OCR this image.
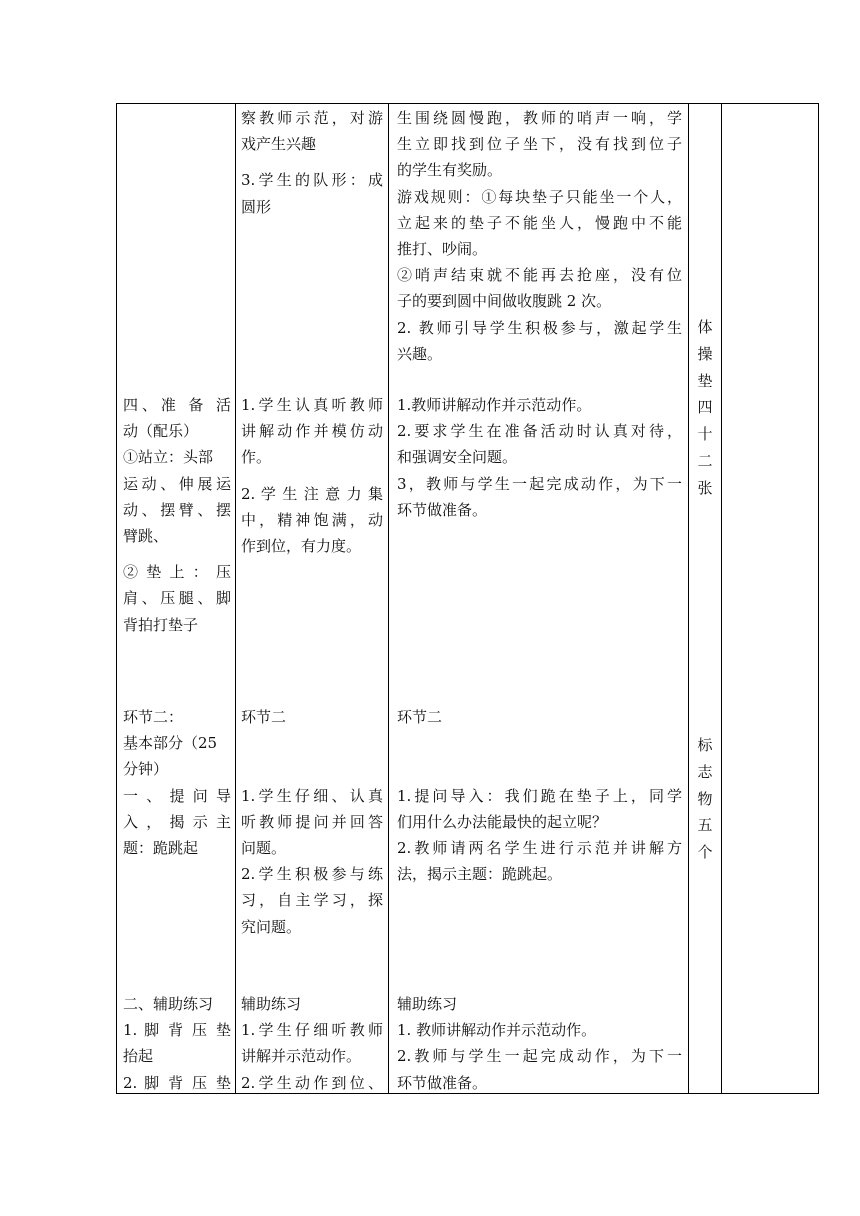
四、准 备 活

动（配乐）

①站立：头部

运动、伸展运

动、摆臂、摆

臂跳、

② 垫 上 ： 压

肩、压腿、脚

背拍打垫子

环节二：

基本部分（25

分钟）

一 、 提 问 导

入 ， 揭 示 主

题：跪跳起

二、辅助练习

1. 脚 背 压 垫

抬起

2. 脚 背 压 垫

察教师示范，对游

戏产生兴趣

3.学生的队形：成

圆形

1.学生认真听教师

讲解动作并模仿动

作。

2. 学 生 注 意 力 集

中，精神饱满，动

作到位，有力度。

环节二

1.学生仔细、认真

听教师提问并回答

问题。

2.学生积极参与练

习，自主学习，探

究问题。

辅助练习

1.学生仔细听教师

讲解并示范动作。

2.学生动作到位、

生围绕圆慢跑，教师的哨声一响，学

生立即找到位子坐下，没有找到位子

的学生有奖励。

游戏规则：①每块垫子只能坐一个人，

立起来的垫子不能坐人，慢跑中不能

推打、吵闹。

②哨声结束就不能再去抢座，没有位

子的要到圆中间做收腹跳 2 次。

2. 教师引导学生积极参与，激起学生

兴趣。

1.教师讲解动作并示范动作。

2.要求学生在准备活动时认真对待，

和强调安全问题。

3，教师与学生一起完成动作，为下一

环节做准备。

环节二

1.提问导入：我们跪在垫子上，同学

们用什么办法能最快的起立呢？

2.教师请两名学生进行示范并讲解方

法，揭示主题：跪跳起。

辅助练习

1. 教师讲解动作并示范动作。

2.教师与学生一起完成动作，为下一

环节做准备。

体

操

垫

四

十

二

张

标

志

物

五

个
